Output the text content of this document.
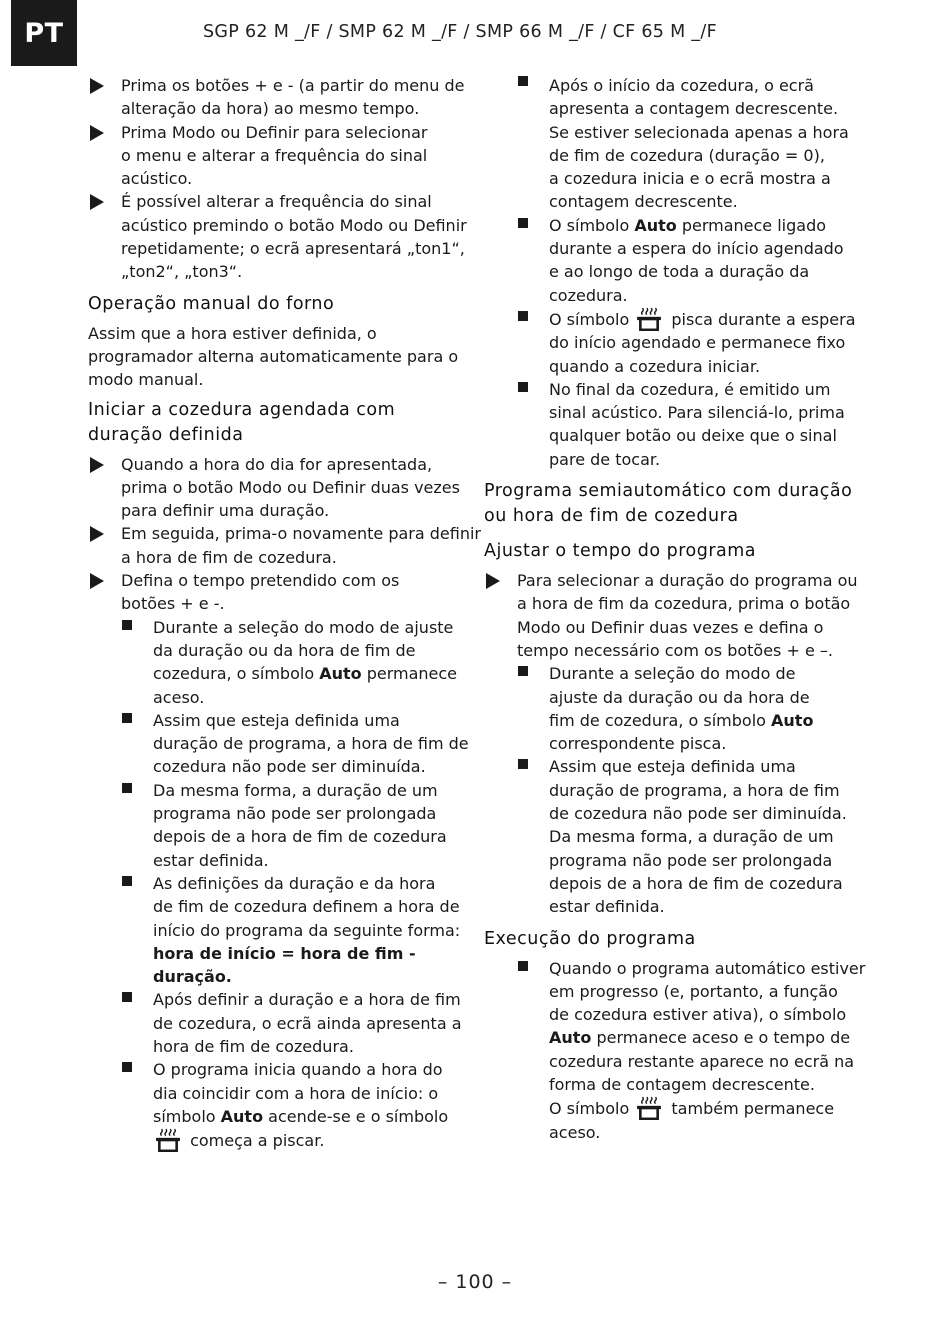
PT	SGP 62 M _/F / SMP 62 M _/F / SMP 66 M _/F / CF 65 M _/F
Prima os botões + e - (a partir do menu de
alteração da hora) ao mesmo tempo.
Prima Modo ou Definir para selecionar
o menu e alterar a frequência do sinal
acústico.
É possível alterar a frequência do sinal
acústico premindo o botão Modo ou Definir
repetidamente; o ecrã apresentará „ton1“,
„ton2“, „ton3“.
Operação manual do forno
Assim que a hora estiver definida, o
programador alterna automaticamente para o
modo manual.
Iniciar a cozedura agendada com
duração definida
Quando a hora do dia for apresentada,
prima o botão Modo ou Definir duas vezes
para definir uma duração.
Em seguida, prima-o novamente para definir
a hora de fim de cozedura.
Defina o tempo pretendido com os
botões + e -.
Durante a seleção do modo de ajuste
da duração ou da hora de fim de
cozedura, o símbolo Auto permanece
aceso.
Assim que esteja definida uma
duração de programa, a hora de fim de
cozedura não pode ser diminuída.
Da mesma forma, a duração de um
programa não pode ser prolongada
depois de a hora de fim de cozedura
estar definida.
As definições da duração e da hora
de fim de cozedura definem a hora de
início do programa da seguinte forma:
hora de início = hora de fim -
duração.
Após definir a duração e a hora de fim
de cozedura, o ecrã ainda apresenta a
hora de fim de cozedura.
O programa inicia quando a hora do
dia coincidir com a hora de início: o
símbolo Auto acende-se e o símbolo
começa a piscar.
Após o início da cozedura, o ecrã
apresenta a contagem decrescente.
Se estiver selecionada apenas a hora
de fim de cozedura (duração = 0),
a cozedura inicia e o ecrã mostra a
contagem decrescente.
O símbolo Auto permanece ligado
durante a espera do início agendado
e ao longo de toda a duração da
cozedura.
O símbolo  pisca durante a espera
do início agendado e permanece fixo
quando a cozedura iniciar.
No final da cozedura, é emitido um
sinal acústico. Para silenciá-lo, prima
qualquer botão ou deixe que o sinal
pare de tocar.
Programa semiautomático com duração
ou hora de fim de cozedura
Ajustar o tempo do programa
Para selecionar a duração do programa ou
a hora de fim da cozedura, prima o botão
Modo ou Definir duas vezes e defina o
tempo necessário com os botões + e –.
Durante a seleção do modo de
ajuste da duração ou da hora de
fim de cozedura, o símbolo Auto
correspondente pisca.
Assim que esteja definida uma
duração de programa, a hora de fim
de cozedura não pode ser diminuída.
Da mesma forma, a duração de um
programa não pode ser prolongada
depois de a hora de fim de cozedura
estar definida.
Execução do programa
Quando o programa automático estiver
em progresso (e, portanto, a função
de cozedura estiver ativa), o símbolo
Auto permanece aceso e o tempo de
cozedura restante aparece no ecrã na
forma de contagem decrescente.
O símbolo  também permanece
aceso.
– 100 –
